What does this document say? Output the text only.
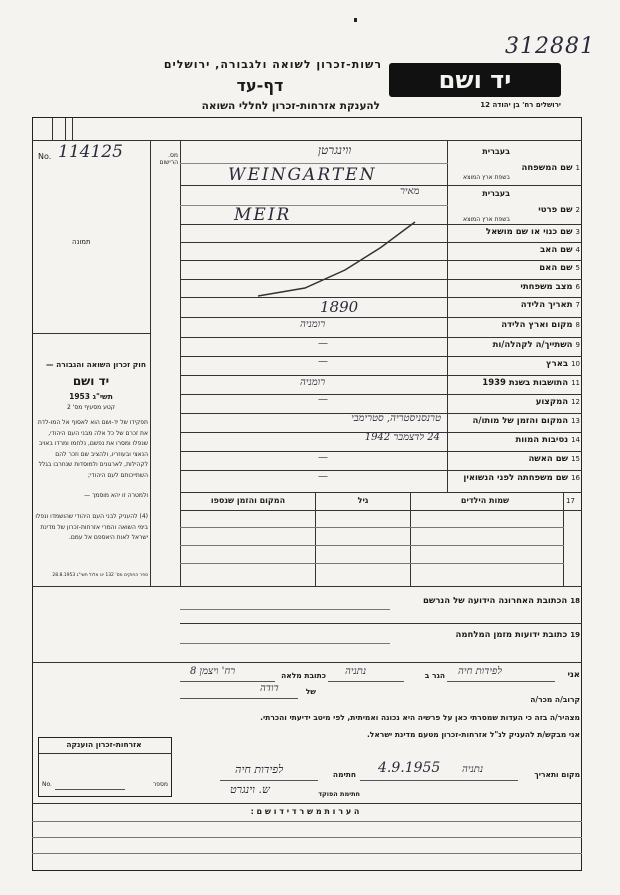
312881
רשות-זכרון לשואה ולגבורה, ירושלים
דף-עד
להענקת אזרחות-זכרון לחללי השואה
יד ושם
ירושלים רח' בן יהודה 12
No. 114125	מס. הרישום
תמונה
1שם המשפחה
בעברית
בשפת ארץ המוצא
2שם פרטי
בעברית
בשפת ארץ המוצא
3שם כנוי או שם מושאל
4שם האב
5שם האם
6מצב משפחתי
7תאריך הלידה
8מקום וארץ הלידה
9השתייך/ה לקהלה/ות
10בארץ
11התושבות בשנת 1939
12המקצוע
13המקום והזמן של מותו/ה
14נסיבות המוות
15שם האשה
16שם משפחתה לפני הנשואין
ווינגרטן
WEINGARTEN
מאיר
MEIR
1890
רומניה
—
—
רומניה
—
טרנסניסטריה, סטרימבי
24 לדצמבר 1942
—
—
חוק זכרון השואה והגבורה —
יד ושם
תשי"ג 1953
קטע מסעיף מס' 2
תפקידו של יד-ושם הוא לאסוף אל המו-לדת את זכרם של כל אלה מבני העם היהודי, שנפלו ומסרו את נפשם, נלחמו ומרדו באויב הנאצי ובעוזריו, ולהציב שם וזכר להם לקהילות, לארגונים ולמוסדות שנחרבו בגלל השתייכותם לעם היהודי;
ולמטרה זו יהא מוסמך —
(4) להעניק לבני העם היהודי שהושמדו ונפלו בימי השואה והמרי אזרחות-זכרון של מדינת ישראל לאות היאספם אל עמם.
ספר החוקים מס' 132 יט אלול תשי"ג 28.8.1953
17
שמות הילדים
גיל
המקום והזמן שנספו
18 הכתובת האחרונה הידועה של הנרשם
19 כתובת ידועות מזמן המלחמה
אני
לפידות חיה
הגר ב
נתניה
כתובת מלאה
רח' ויצמן 8
קרוב/ה מכר/ה
של
דודה
מצהיר/ה בזה כי העדות שמסרתי כאן על פרשיה היא נכונה ואמיתית, לפי מיטב ידיעתי והכרתי.
אני מבקש/ת להעניק לנ"ל אזרחות-זכרון מטעם מדינת ישראל.
מקום ותאריך
נתניה
4.9.1955
חתימה
לפידות חיה
חתימת הפוקד
ש. וינגרט
אזרחות-זכרון הוענקה
No.	מספר
ה ע ר ו ת מ ש ר ד י ד ו ש ם :
